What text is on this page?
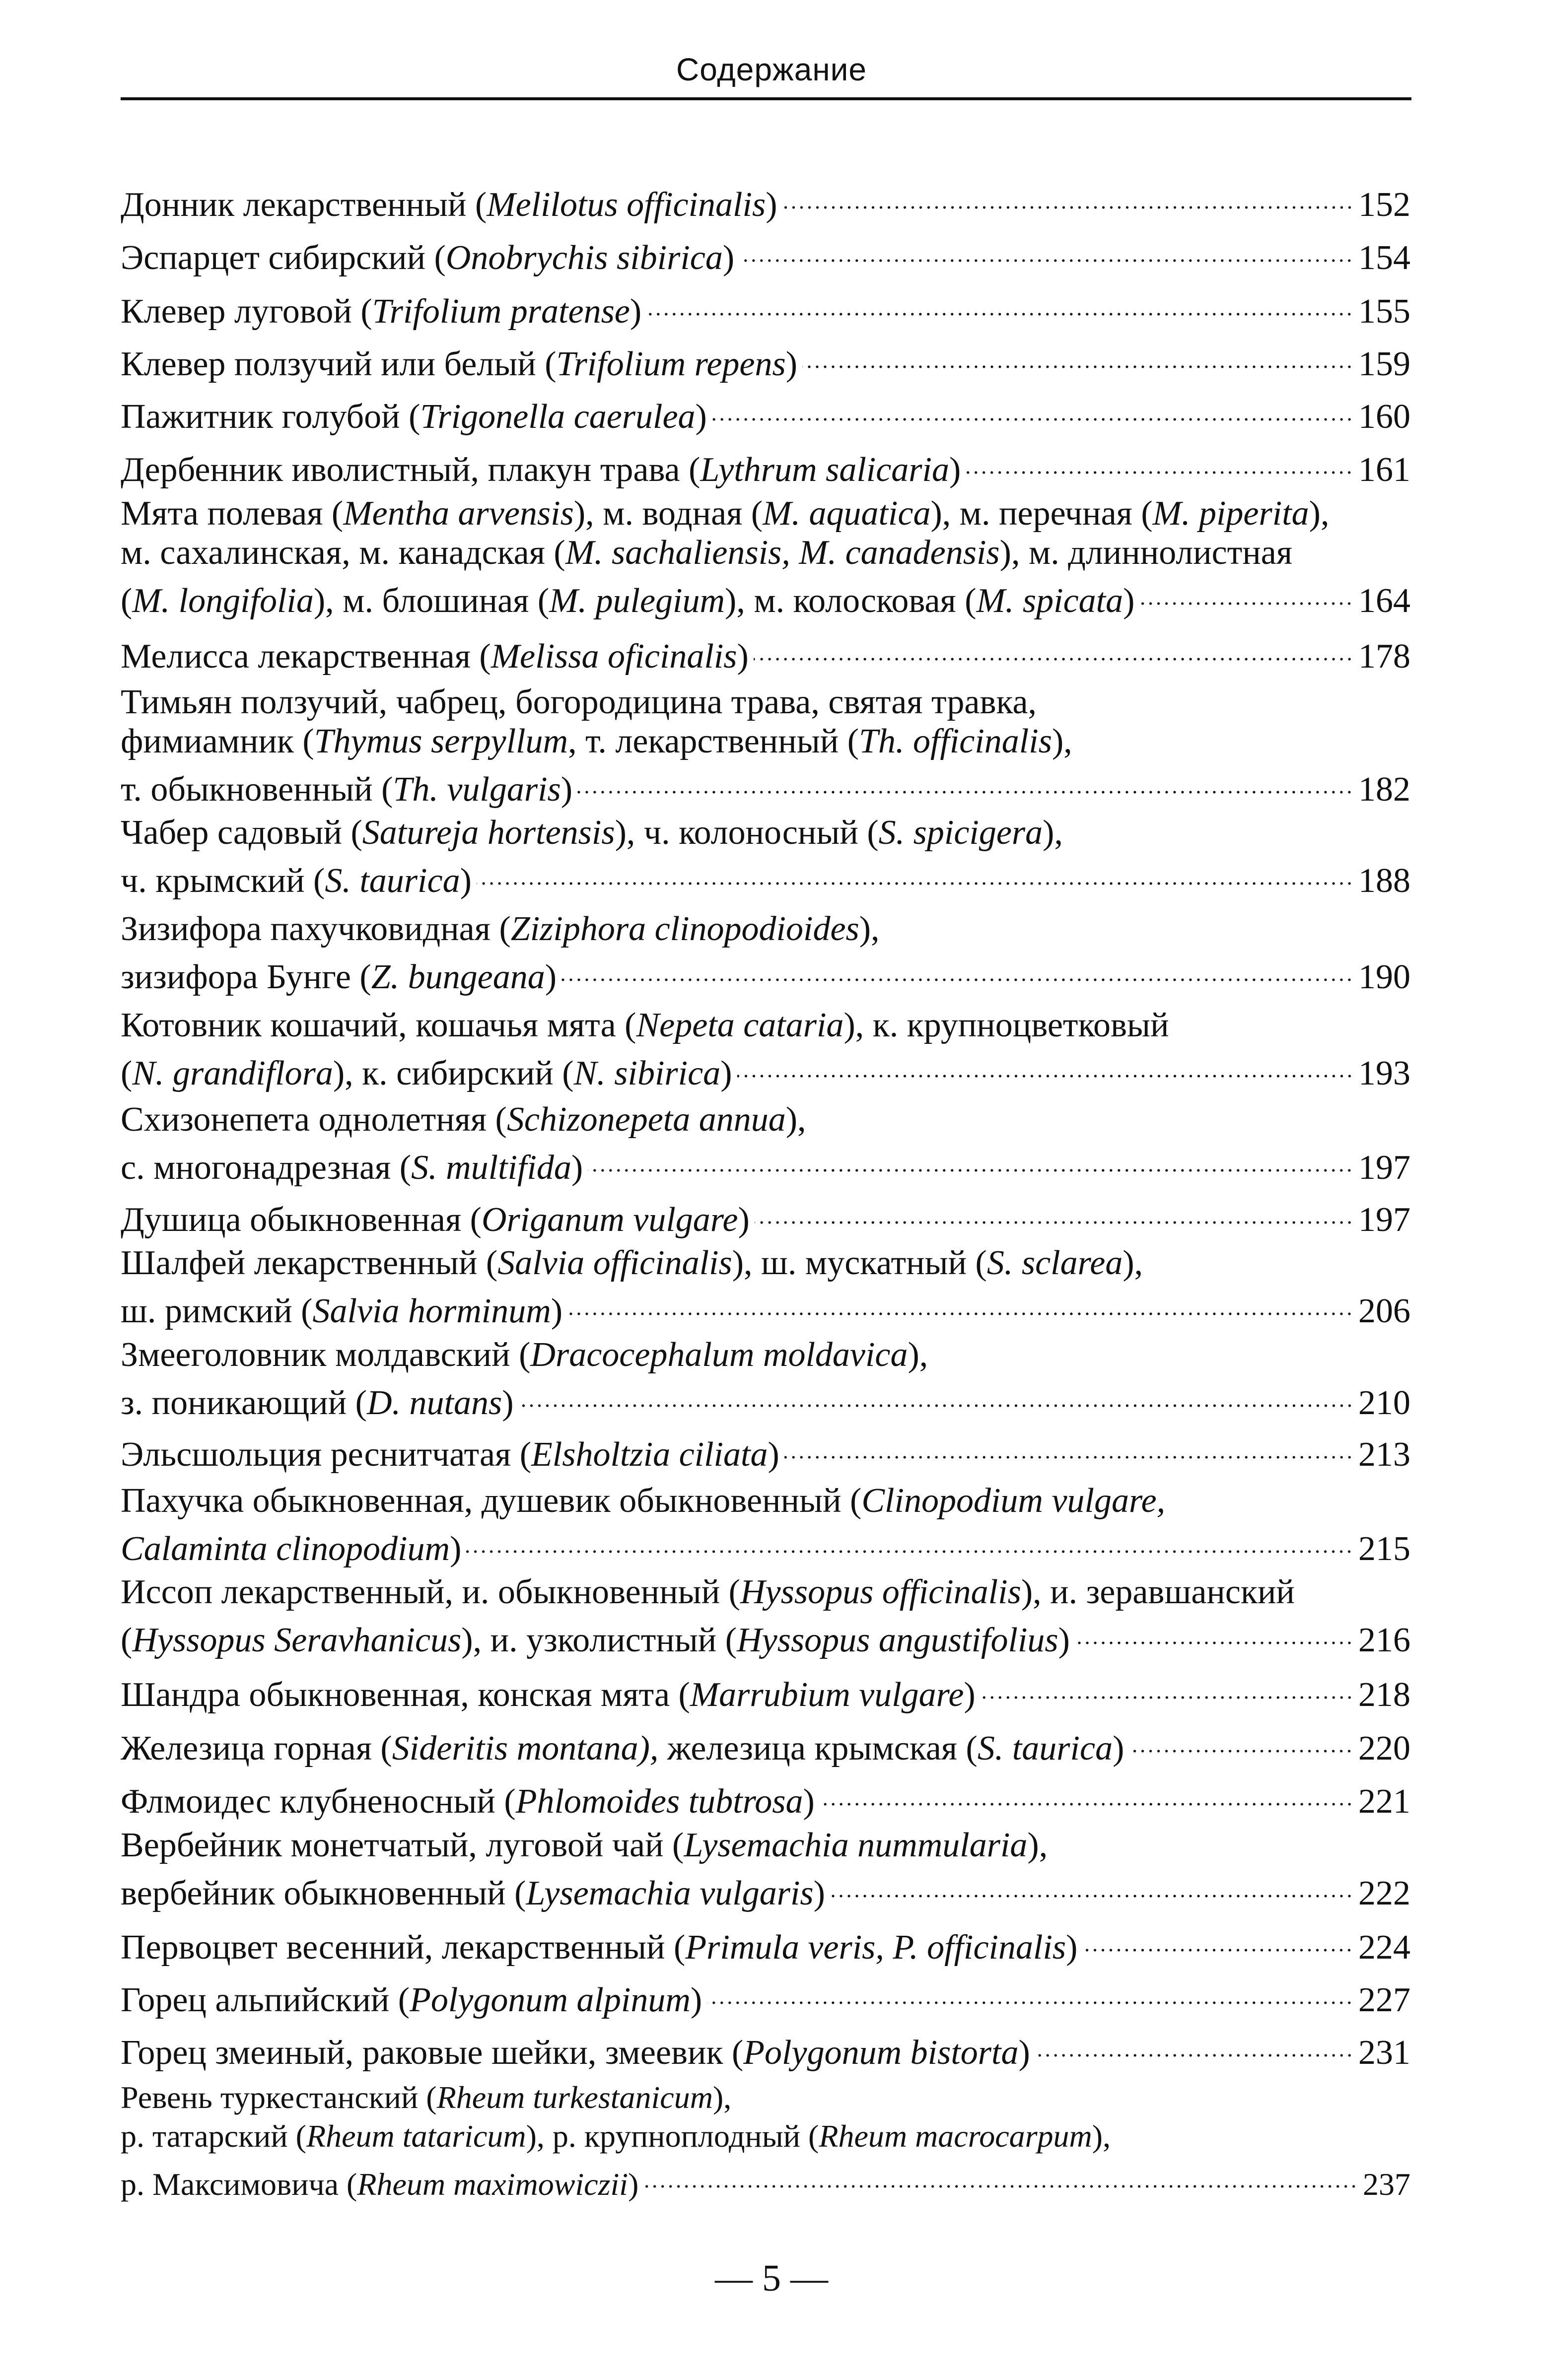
Содержание
Донник лекарственный (Melilotus officinalis)	152
Эспарцет сибирский (Onobrychis sibirica)	154
Клевер луговой (Trifolium pratense)	155
Клевер ползучий или белый (Trifolium repens)	159
Пажитник голубой (Trigonella caerulea)	160
Дербенник иволистный, плакун трава (Lythrum salicaria)	161
Мята полевая (Mentha arvensis), м. водная (M. aquatica), м. перечная (M. piperita),
м. сахалинская, м. канадская (M. sachaliensis, M. canadensis), м. длиннолистная
(M. longifolia), м. блошиная (M. pulegium), м. колосковая (M. spicata)	164
Мелисса лекарственная (Melissa oficinalis)	178
Тимьян ползучий, чабрец, богородицина трава, святая травка,
фимиамник (Thymus serpyllum, т. лекарственный (Th. officinalis),
т. обыкновенный (Th. vulgaris)	182
Чабер садовый (Satureja hortensis), ч. колоносный (S. spicigera),
ч. крымский (S. taurica)	188
Зизифора пахучковидная (Ziziphora clinopodioides),
зизифора Бунге (Z. bungeana)	190
Котовник кошачий, кошачья мята (Nepeta cataria), к. крупноцветковый
(N. grandiflora), к. сибирский (N. sibirica)	193
Схизонепета однолетняя (Schizonepeta annua),
с. многонадрезная (S. multifida)	197
Душица обыкновенная (Origanum vulgare)	197
Шалфей лекарственный (Salvia officinalis), ш. мускатный (S. sclarea),
ш. римский (Salvia horminum)	206
Змееголовник молдавский (Dracocephalum moldavica),
з. поникающий (D. nutans)	210
Эльсшольция реснитчатая (Elsholtzia ciliata)	213
Пахучка обыкновенная, душевик обыкновенный (Clinopodium vulgare,
Calaminta clinopodium)	215
Иссоп лекарственный, и. обыкновенный (Hyssopus officinalis), и. зеравшанский
(Hyssopus Seravhanicus), и. узколистный (Hyssopus angustifolius)	216
Шандра обыкновенная, конская мята (Marrubium vulgare)	218
Железица горная (Sideritis montana), железица крымская (S. taurica)	220
Флмоидес клубненосный (Phlomoides tubtrosa)	221
Вербейник монетчатый, луговой чай (Lysemachia nummularia),
вербейник обыкновенный (Lysemachia vulgaris)	222
Первоцвет весенний, лекарственный (Primula veris, P. officinalis)	224
Горец альпийский (Polygonum alpinum)	227
Горец змеиный, раковые шейки, змеевик (Polygonum bistorta)	231
Ревень туркестанский (Rheum turkestanicum),
р. татарский (Rheum tataricum), р. крупноплодный (Rheum macrocarpum),
р. Максимовича (Rheum maximowiczii)	237
— 5 —
